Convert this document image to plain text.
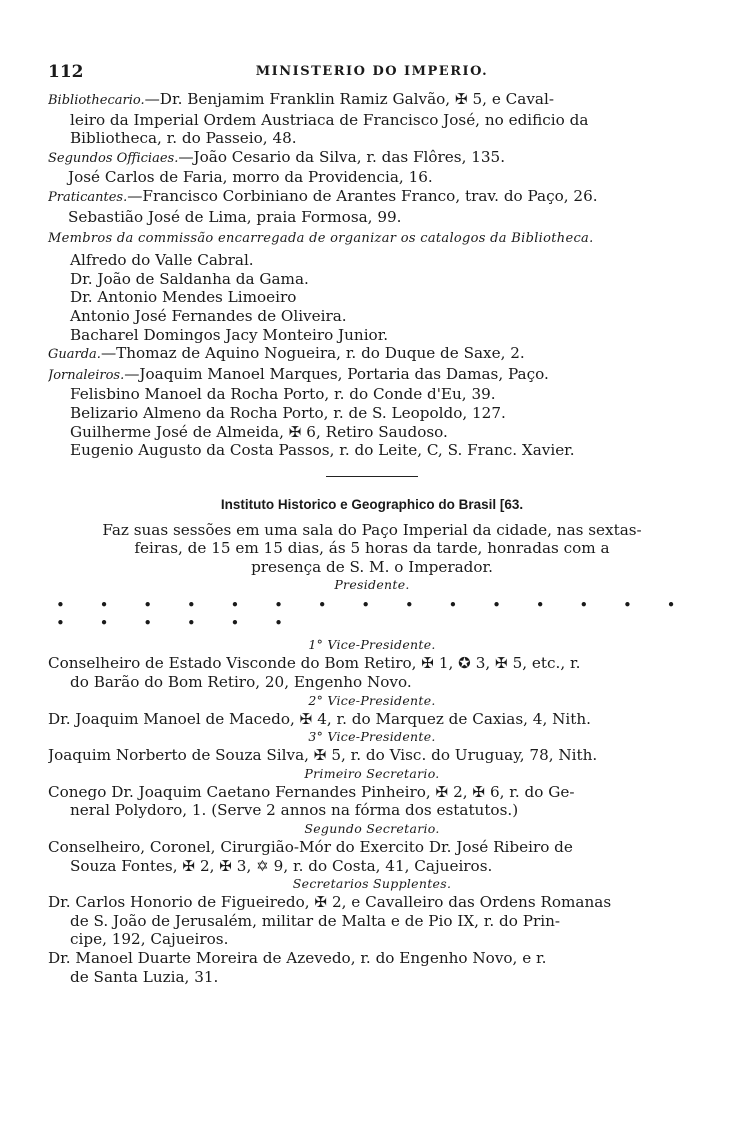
112	MINISTERIO DO IMPERIO.

Bibliothecario.—Dr. Benjamim Franklin Ramiz Galvão, ✠ 5, e Caval-

leiro da Imperial Ordem Austriaca de Francisco José, no edificio da

Bibliotheca, r. do Passeio, 48.

Segundos Officiaes.—João Cesario da Silva, r. das Flôres, 135.

José Carlos de Faria, morro da Providencia, 16.

Praticantes.—Francisco Corbiniano de Arantes Franco, trav. do Paço, 26.

Sebastião José de Lima, praia Formosa, 99.

Membros da commissão encarregada de organizar os catalogos da Bibliotheca.

Alfredo do Valle Cabral.

Dr. João de Saldanha da Gama.

Dr. Antonio Mendes Limoeiro

Antonio José Fernandes de Oliveira.

Bacharel Domingos Jacy Monteiro Junior.

Guarda.—Thomaz de Aquino Nogueira, r. do Duque de Saxe, 2.

Jornaleiros.—Joaquim Manoel Marques, Portaria das Damas, Paço.

Felisbino Manoel da Rocha Porto, r. do Conde d'Eu, 39.

Belizario Almeno da Rocha Porto, r. de S. Leopoldo, 127.

Guilherme José de Almeida, ✠ 6, Retiro Saudoso.

Eugenio Augusto da Costa Passos, r. do Leite, C, S. Franc. Xavier.

Instituto Historico e Geographico do Brasil [63.

Faz suas sessões em uma sala do Paço Imperial da cidade, nas sextas-

feiras, de 15 em 15 dias, ás 5 horas da tarde, honradas com a

presença de S. M. o Imperador.

Presidente.

• • • • • • • • • • • • • • • • • • • • •

1° Vice-Presidente.

Conselheiro de Estado Visconde do Bom Retiro, ✠ 1, ✪ 3, ✠ 5, etc., r.

do Barão do Bom Retiro, 20, Engenho Novo.

2° Vice-Presidente.

Dr. Joaquim Manoel de Macedo, ✠ 4, r. do Marquez de Caxias, 4, Nith.

3° Vice-Presidente.

Joaquim Norberto de Souza Silva, ✠ 5, r. do Visc. do Uruguay, 78, Nith.

Primeiro Secretario.

Conego Dr. Joaquim Caetano Fernandes Pinheiro, ✠ 2, ✠ 6, r. do Ge-

neral Polydoro, 1. (Serve 2 annos na fórma dos estatutos.)

Segundo Secretario.

Conselheiro, Coronel, Cirurgião-Mór do Exercito Dr. José Ribeiro de

Souza Fontes, ✠ 2, ✠ 3, ✡ 9, r. do Costa, 41, Cajueiros.

Secretarios Supplentes.

Dr. Carlos Honorio de Figueiredo, ✠ 2, e Cavalleiro das Ordens Romanas

de S. João de Jerusalém, militar de Malta e de Pio IX, r. do Prin-

cipe, 192, Cajueiros.

Dr. Manoel Duarte Moreira de Azevedo, r. do Engenho Novo, e r.

de Santa Luzia, 31.
